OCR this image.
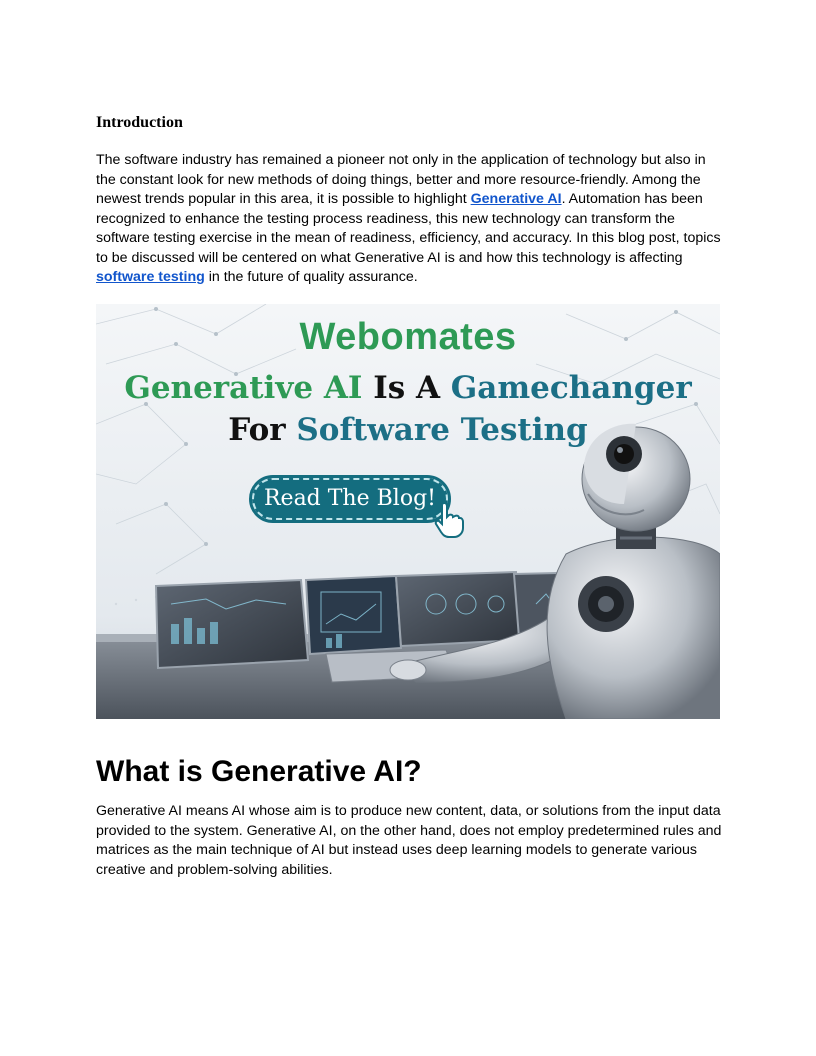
Introduction

The software industry has remained a pioneer not only in the application of technology but also in the constant look for new methods of doing things, better and more resource-friendly. Among the newest trends popular in this area, it is possible to highlight Generative AI. Automation has been recognized to enhance the testing process readiness, this new technology can transform the software testing exercise in the mean of readiness, efficiency, and accuracy. In this blog post, topics to be discussed will be centered on what Generative AI is and how this technology is affecting software testing in the future of quality assurance.

Webomates
Generative AI Is A Gamechanger
For Software Testing
Read The Blog!
What is Generative AI?

Generative AI means AI whose aim is to produce new content, data, or solutions from the input data provided to the system. Generative AI, on the other hand, does not employ predetermined rules and matrices as the main technique of AI but instead uses deep learning models to generate various creative and problem-solving abilities.
